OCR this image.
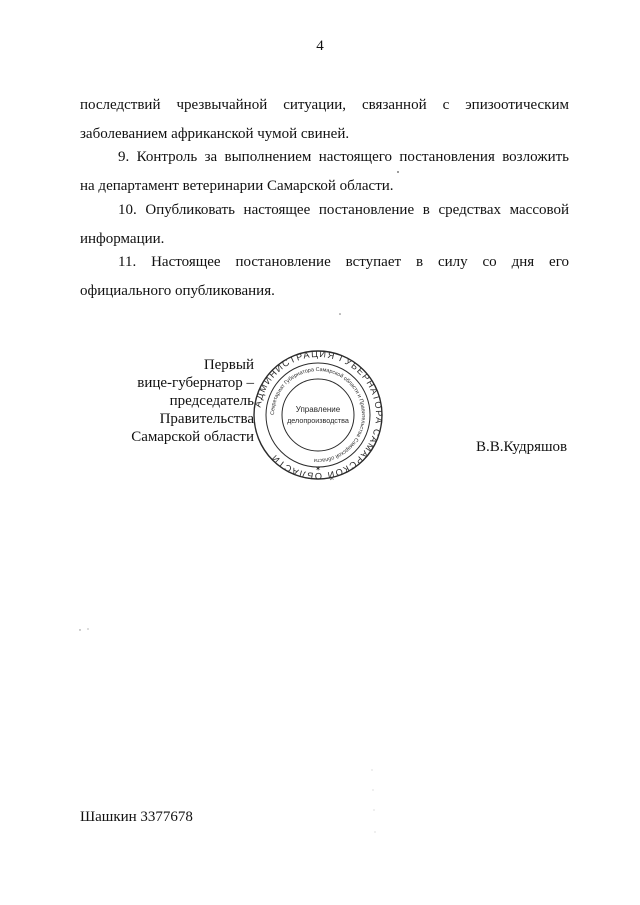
4
последствий чрезвычайной ситуации, связанной с эпизоотическим
заболеванием африканской чумой свиней.
9. Контроль за выполнением настоящего постановления возложить
на департамент ветеринарии Самарской области.
10. Опубликовать настоящее постановление в средствах массовой
информации.
11. Настоящее постановление вступает в силу со дня его
официального опубликования.
Первый
вице-губернатор –
председатель Правительства
Самарской области
АДМИНИСТРАЦИЯ ГУБЕРНАТОРА САМАРСКОЙ ОБЛАСТИ
Секретариат Губернатора Самарской области и Правительства Самарской области
Управление
делопроизводства
✶
В.В.Кудряшов
Шашкин 3377678
